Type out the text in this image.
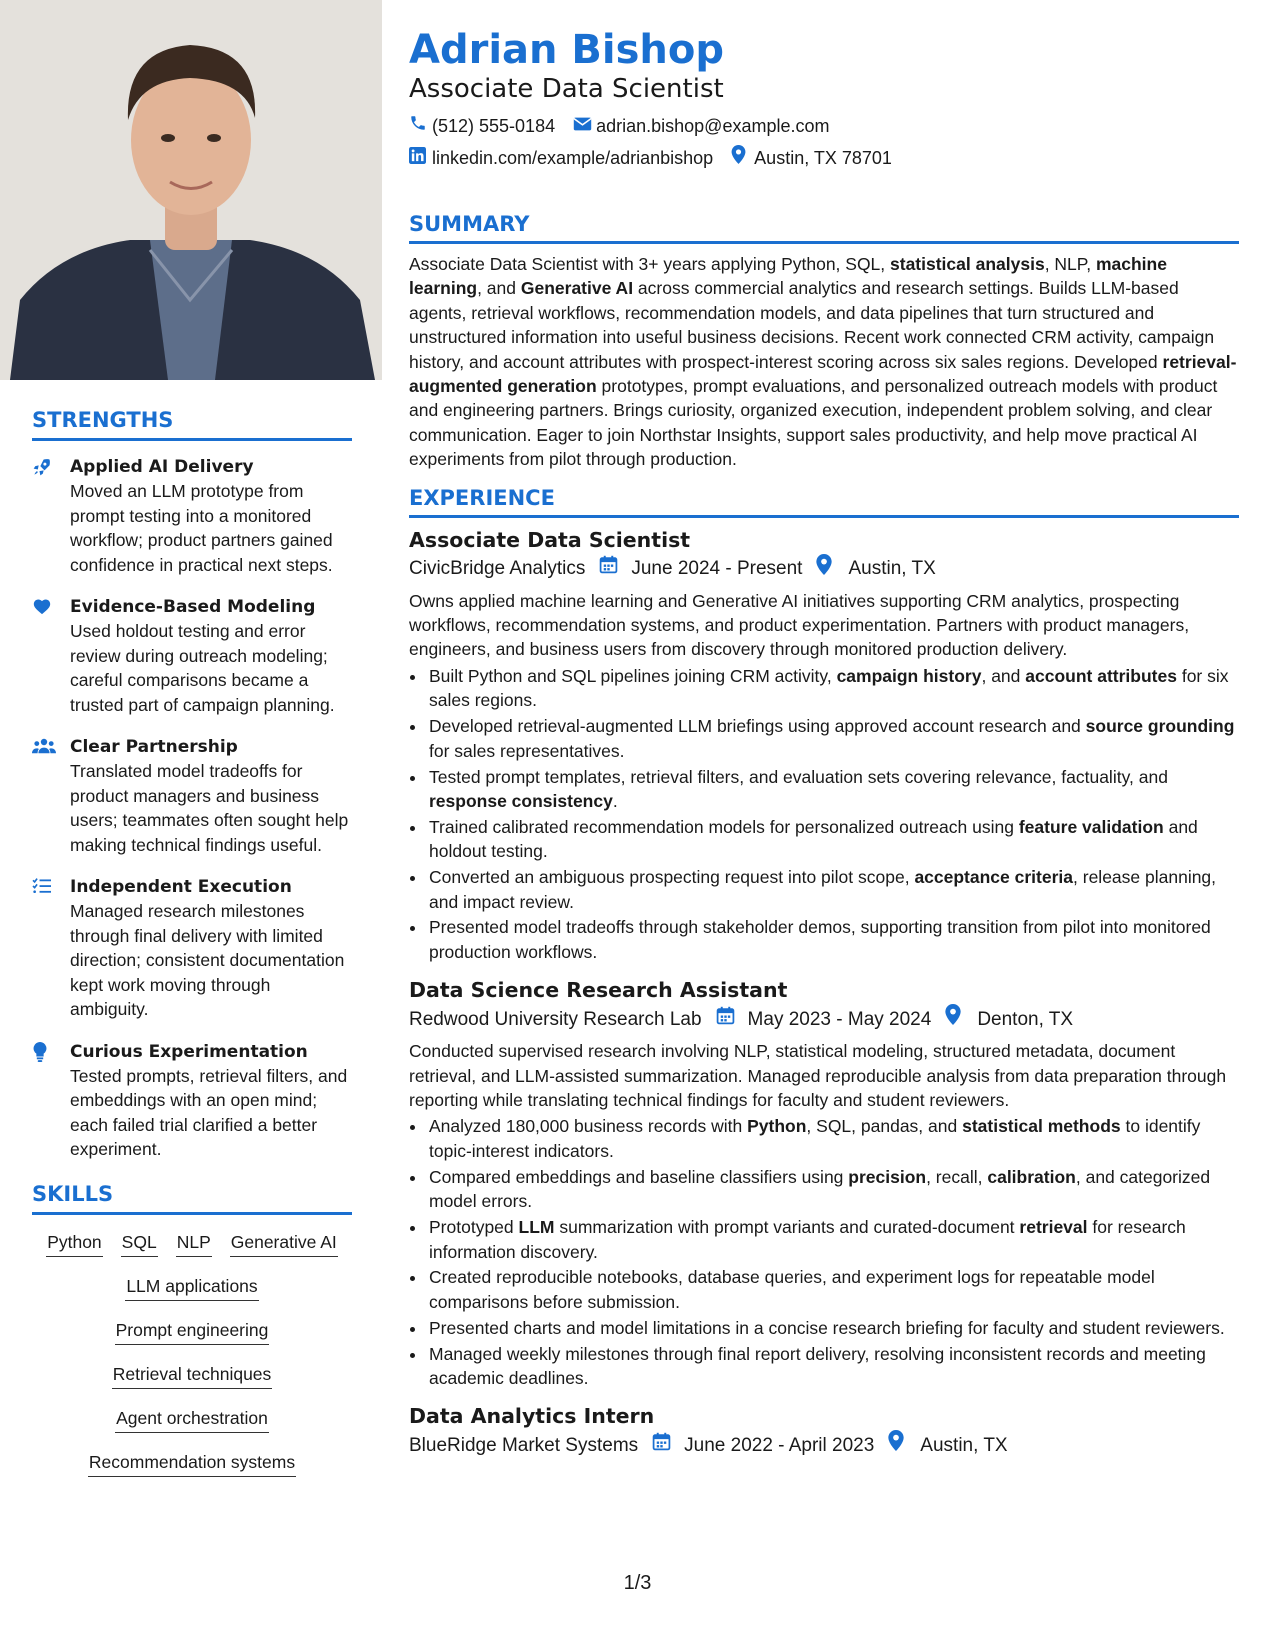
STRENGTHS
Applied AI Delivery
Moved an LLM prototype from prompt testing into a monitored workflow; product partners gained confidence in practical next steps.
Evidence-Based Modeling
Used holdout testing and error review during outreach modeling; careful comparisons became a trusted part of campaign planning.
Clear Partnership
Translated model tradeoffs for product managers and business users; teammates often sought help making technical findings useful.
Independent Execution
Managed research milestones through final delivery with limited direction; consistent documentation kept work moving through ambiguity.
Curious Experimentation
Tested prompts, retrieval filters, and embeddings with an open mind; each failed trial clarified a better experiment.
SKILLS
Python SQL NLP Generative AI
LLM applications
Prompt engineering
Retrieval techniques
Agent orchestration
Recommendation systems
Adrian Bishop
Associate Data Scientist
(512) 555-0184 adrian.bishop@example.com
linkedin.com/example/adrianbishop Austin, TX 78701
SUMMARY
Associate Data Scientist with 3+ years applying Python, SQL, statistical analysis, NLP, machine learning, and Generative AI across commercial analytics and research settings. Builds LLM-based agents, retrieval workflows, recommendation models, and data pipelines that turn structured and unstructured information into useful business decisions. Recent work connected CRM activity, campaign history, and account attributes with prospect-interest scoring across six sales regions. Developed retrieval-augmented generation prototypes, prompt evaluations, and personalized outreach models with product and engineering partners. Brings curiosity, organized execution, independent problem solving, and clear communication. Eager to join Northstar Insights, support sales productivity, and help move practical AI experiments from pilot through production.
EXPERIENCE
Associate Data Scientist
CivicBridge Analytics June 2024 - Present Austin, TX
Owns applied machine learning and Generative AI initiatives supporting CRM analytics, prospecting workflows, recommendation systems, and product experimentation. Partners with product managers, engineers, and business users from discovery through monitored production delivery.
• Built Python and SQL pipelines joining CRM activity, campaign history, and account attributes for six sales regions.
• Developed retrieval-augmented LLM briefings using approved account research and source grounding for sales representatives.
• Tested prompt templates, retrieval filters, and evaluation sets covering relevance, factuality, and response consistency.
• Trained calibrated recommendation models for personalized outreach using feature validation and holdout testing.
• Converted an ambiguous prospecting request into pilot scope, acceptance criteria, release planning, and impact review.
• Presented model tradeoffs through stakeholder demos, supporting transition from pilot into monitored production workflows.
Data Science Research Assistant
Redwood University Research Lab May 2023 - May 2024 Denton, TX
Conducted supervised research involving NLP, statistical modeling, structured metadata, document retrieval, and LLM-assisted summarization. Managed reproducible analysis from data preparation through reporting while translating technical findings for faculty and student reviewers.
• Analyzed 180,000 business records with Python, SQL, pandas, and statistical methods to identify topic-interest indicators.
• Compared embeddings and baseline classifiers using precision, recall, calibration, and categorized model errors.
• Prototyped LLM summarization with prompt variants and curated-document retrieval for research information discovery.
• Created reproducible notebooks, database queries, and experiment logs for repeatable model comparisons before submission.
• Presented charts and model limitations in a concise research briefing for faculty and student reviewers.
• Managed weekly milestones through final report delivery, resolving inconsistent records and meeting academic deadlines.
Data Analytics Intern
BlueRidge Market Systems June 2022 - April 2023 Austin, TX
1/3
